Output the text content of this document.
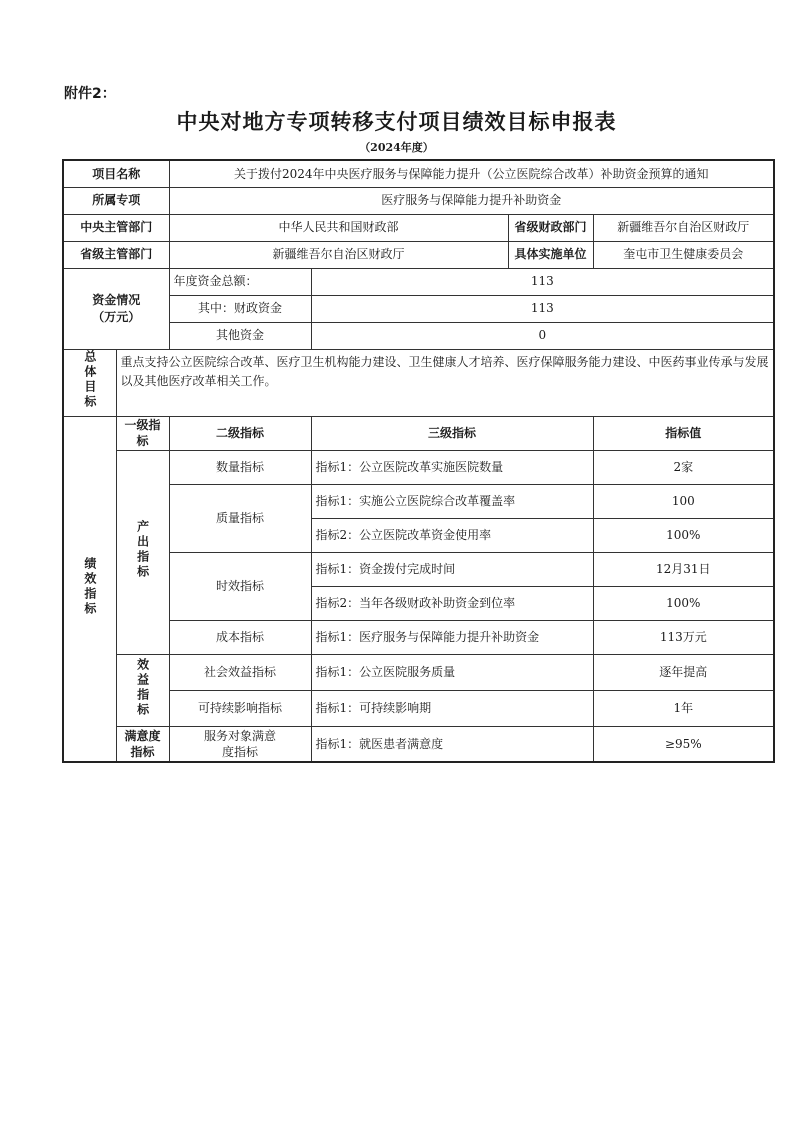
附件2：
中央对地方专项转移支付项目绩效目标申报表
（2024年度）
项目名称		关于拨付2024年中央医疗服务与保障能力提升（公立医院综合改革）补助资金预算的通知			
所属专项		医疗服务与保障能力提升补助资金			
中央主管部门		中华人民共和国财政部		省级财政部门	新疆维吾尔自治区财政厅
省级主管部门		新疆维吾尔自治区财政厅		具体实施单位	奎屯市卫生健康委员会

资金情况
（万元）		年度资金总额：	113		
		其中：财政资金	113		
		其他资金	0		
总体目标	重点支持公立医院综合改革、医疗卫生机构能力建设、卫生健康人才培养、医疗保障服务能力建设、中医药事业传承与发展以及其他医疗改革相关工作。				
绩效指标	一级指标	二级指标	三级指标		指标值
	产出指标	数量指标	指标1：公立医院改革实施医院数量		2家
		质量指标	指标1：实施公立医院综合改革覆盖率		100
			指标2：公立医院改革资金使用率		100%
		时效指标	指标1：资金拨付完成时间		12月31日
			指标2：当年各级财政补助资金到位率		100%
		成本指标	指标1：医疗服务与保障能力提升补助资金		113万元
	效益指标	社会效益指标	指标1：公立医院服务质量		逐年提高
		可持续影响指标	指标1：可持续影响期		1年
	满意度指标	服务对象满意度指标	指标1：就医患者满意度		≥95%
